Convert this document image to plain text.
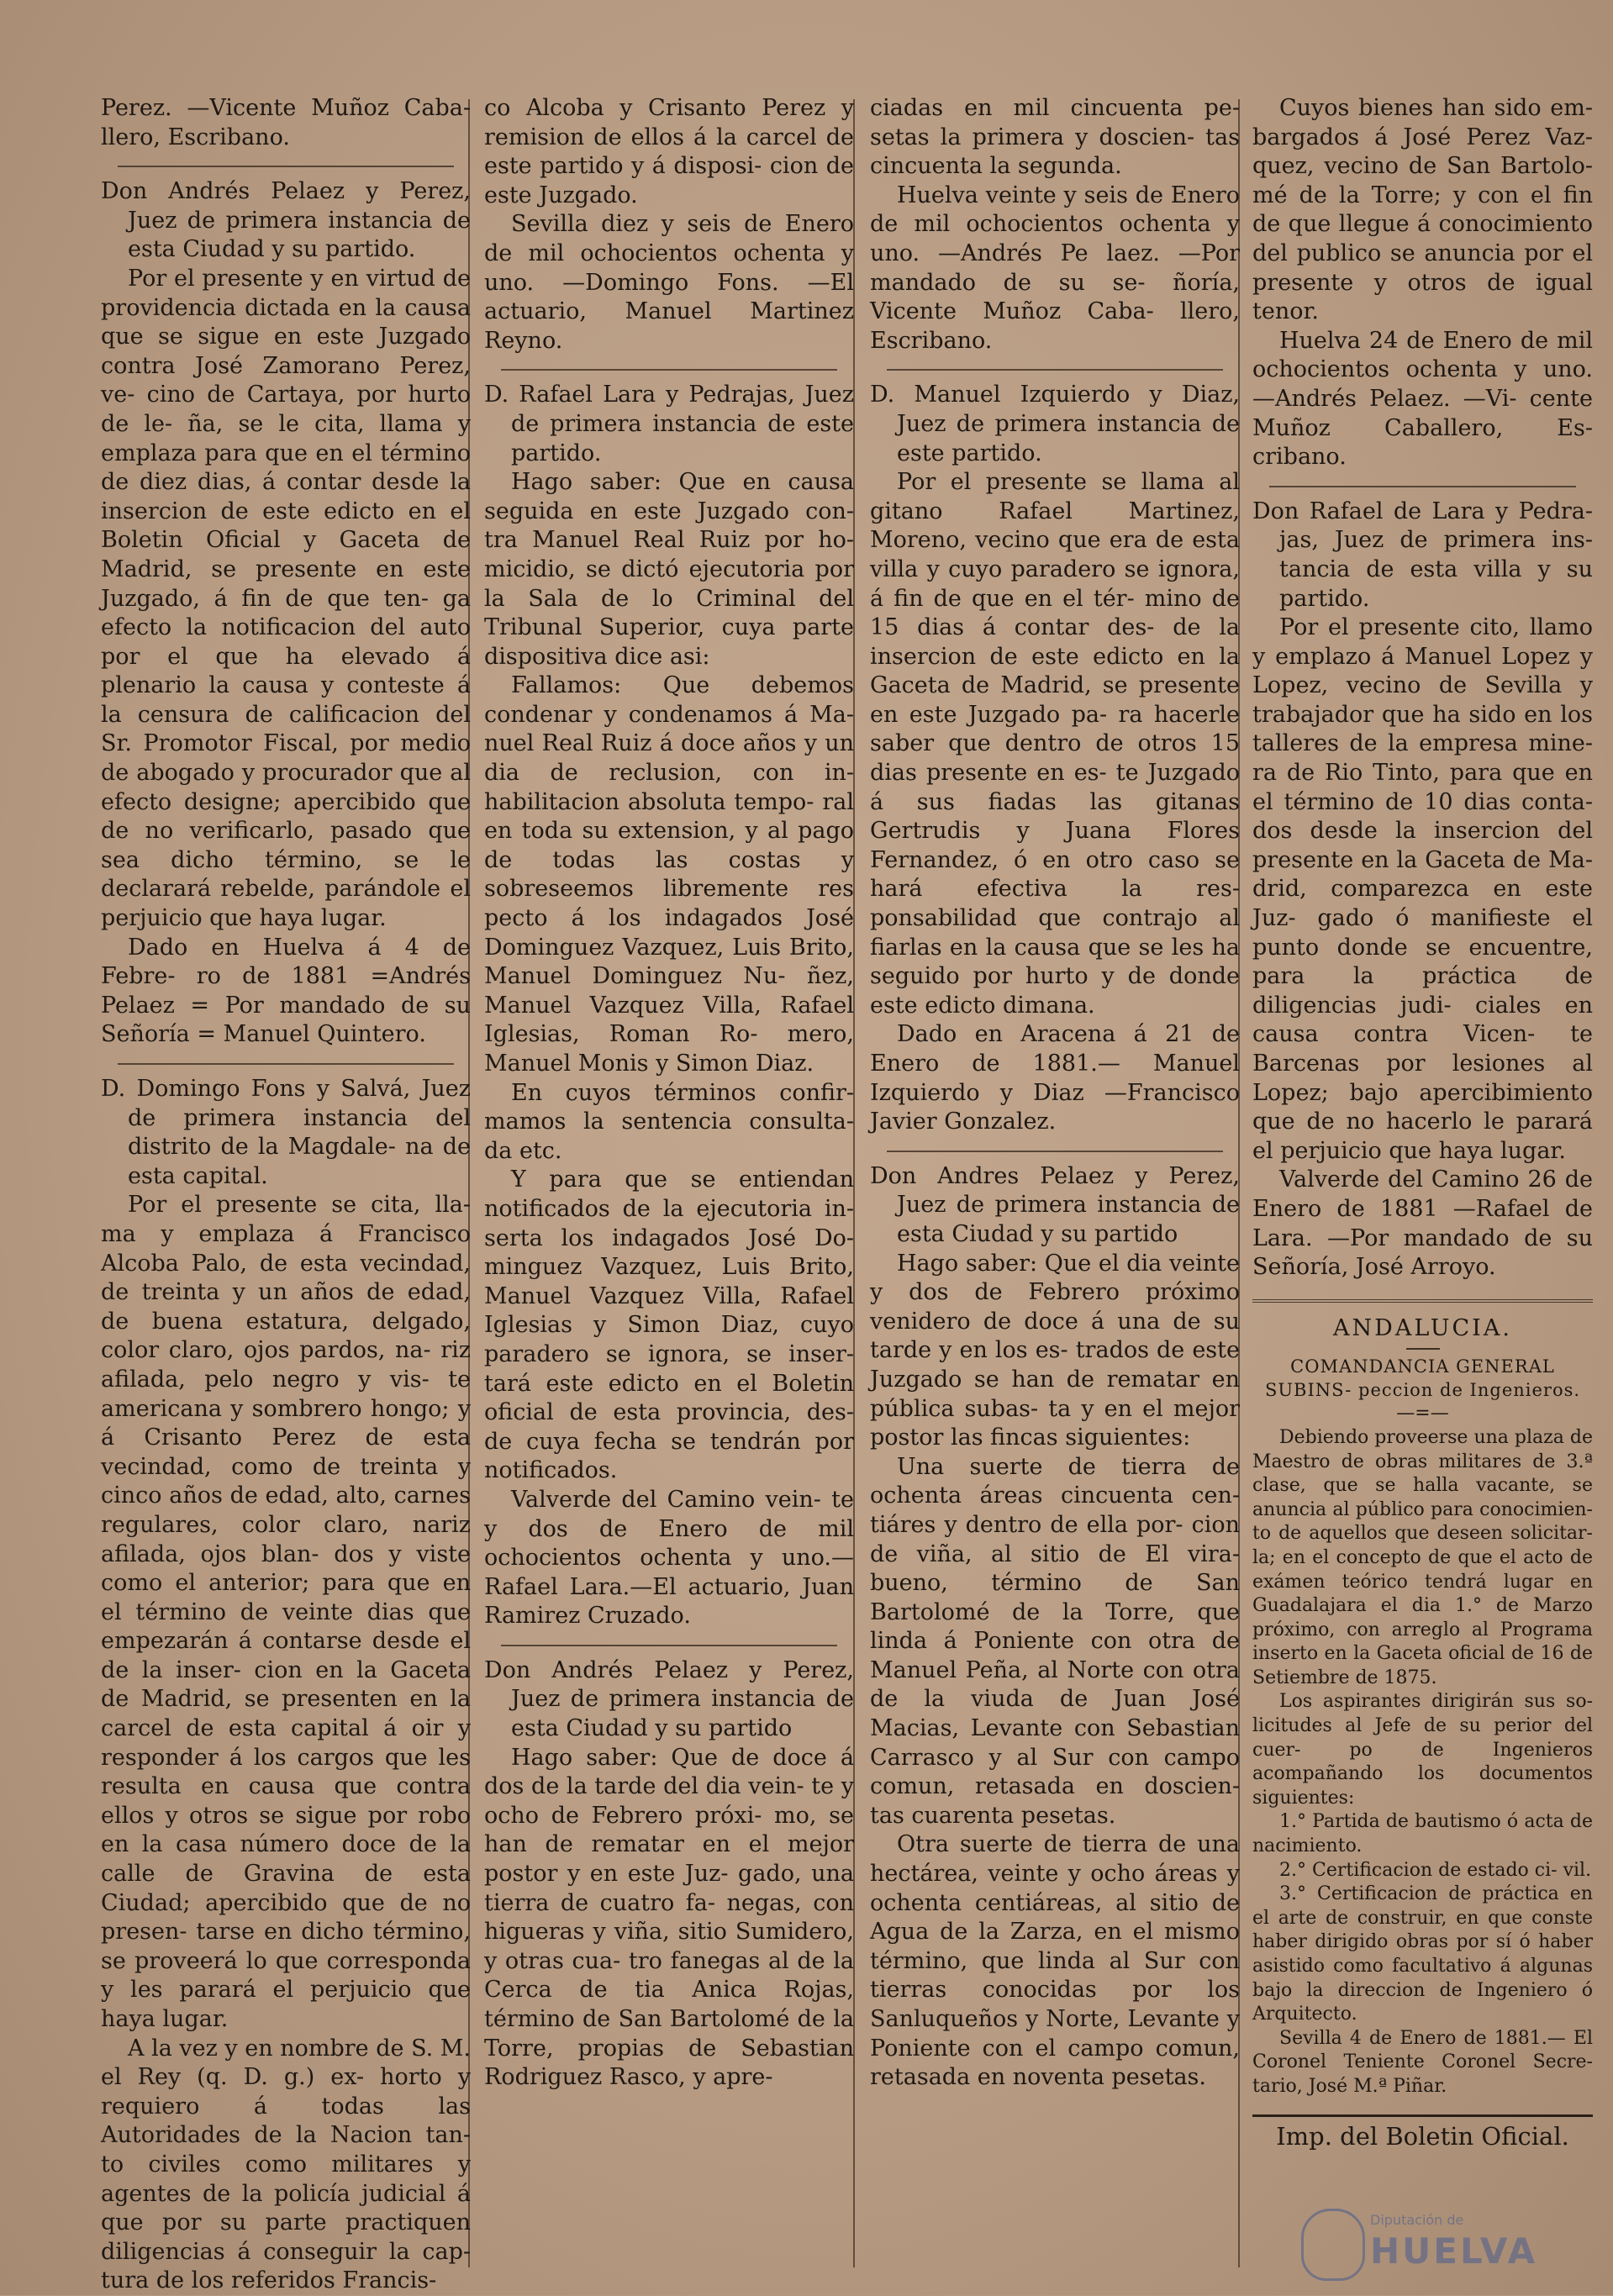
Perez. —Vicente Muñoz Caba- llero, Escribano.

Don Andrés Pelaez y Perez, Juez de primera instancia de esta Ciudad y su partido.

Por el presente y en virtud de providencia dictada en la causa que se sigue en este Juzgado contra José Zamorano Perez, ve- cino de Cartaya, por hurto de le- ña, se le cita, llama y emplaza para que en el término de diez dias, á contar desde la insercion de este edicto en el Boletin Oficial y Gaceta de Madrid, se presente en este Juzgado, á fin de que ten- ga efecto la notificacion del auto por el que ha elevado á plenario la causa y conteste á la censura de calificacion del Sr. Promotor Fiscal, por medio de abogado y procurador que al efecto designe; apercibido que de no verificarlo, pasado que sea dicho término, se le declarará rebelde, parándole el perjuicio que haya lugar.

Dado en Huelva á 4 de Febre- ro de 1881 =Andrés Pelaez = Por mandado de su Señoría = Manuel Quintero.

D. Domingo Fons y Salvá, Juez de primera instancia del distrito de la Magdale- na de esta capital.

Por el presente se cita, lla- ma y emplaza á Francisco Alcoba Palo, de esta vecindad, de treinta y un años de edad, de buena estatura, delgado, color claro, ojos pardos, na- riz afilada, pelo negro y vis- te americana y sombrero hongo; y á Crisanto Perez de esta vecindad, como de treinta y cinco años de edad, alto, carnes regulares, color claro, nariz afilada, ojos blan- dos y viste como el anterior; para que en el término de veinte dias que empezarán á contarse desde el de la inser- cion en la Gaceta de Madrid, se presenten en la carcel de esta capital á oir y responder á los cargos que les resulta en causa que contra ellos y otros se sigue por robo en la casa número doce de la calle de Gravina de esta Ciudad; apercibido que de no presen- tarse en dicho término, se proveerá lo que corresponda y les parará el perjuicio que haya lugar.

A la vez y en nombre de S. M. el Rey (q. D. g.) ex- horto y requiero á todas las Autoridades de la Nacion tan- to civiles como militares y agentes de la policía judicial á que por su parte practiquen diligencias á conseguir la cap- tura de los referidos Francis-

co Alcoba y Crisanto Perez y remision de ellos á la carcel de este partido y á disposi- cion de este Juzgado.

Sevilla diez y seis de Enero de mil ochocientos ochenta y uno. —Domingo Fons. —El actuario, Manuel Martinez Reyno.

D. Rafael Lara y Pedrajas, Juez de primera instancia de este partido.

Hago saber: Que en causa seguida en este Juzgado con- tra Manuel Real Ruiz por ho- micidio, se dictó ejecutoria por la Sala de lo Criminal del Tribunal Superior, cuya parte dispositiva dice asi:

Fallamos: Que debemos condenar y condenamos á Ma- nuel Real Ruiz á doce años y un dia de reclusion, con in- habilitacion absoluta tempo- ral en toda su extension, y al pago de todas las costas y sobreseemos libremente res pecto á los indagados José Dominguez Vazquez, Luis Brito, Manuel Dominguez Nu- ñez, Manuel Vazquez Villa, Rafael Iglesias, Roman Ro- mero, Manuel Monis y Simon Diaz.

En cuyos términos confir- mamos la sentencia consulta- da etc.

Y para que se entiendan notificados de la ejecutoria in- serta los indagados José Do- minguez Vazquez, Luis Brito, Manuel Vazquez Villa, Rafael Iglesias y Simon Diaz, cuyo paradero se ignora, se inser- tará este edicto en el Boletin oficial de esta provincia, des- de cuya fecha se tendrán por notificados.

Valverde del Camino vein- te y dos de Enero de mil ochocientos ochenta y uno.— Rafael Lara.—El actuario, Juan Ramirez Cruzado.

Don Andrés Pelaez y Perez, Juez de primera instancia de esta Ciudad y su partido

Hago saber: Que de doce á dos de la tarde del dia vein- te y ocho de Febrero próxi- mo, se han de rematar en el mejor postor y en este Juz- gado, una tierra de cuatro fa- negas, con higueras y viña, sitio Sumidero, y otras cua- tro fanegas al de la Cerca de tia Anica Rojas, término de San Bartolomé de la Torre, propias de Sebastian Rodriguez Rasco, y apre-

ciadas en mil cincuenta pe- setas la primera y doscien- tas cincuenta la segunda.

Huelva veinte y seis de Enero de mil ochocientos ochenta y uno. —Andrés Pe laez. —Por mandado de su se- ñoría, Vicente Muñoz Caba- llero, Escribano.

D. Manuel Izquierdo y Diaz, Juez de primera instancia de este partido.

Por el presente se llama al gitano Rafael Martinez, Moreno, vecino que era de esta villa y cuyo paradero se ignora, á fin de que en el tér- mino de 15 dias á contar des- de la insercion de este edicto en la Gaceta de Madrid, se presente en este Juzgado pa- ra hacerle saber que dentro de otros 15 dias presente en es- te Juzgado á sus fiadas las gitanas Gertrudis y Juana Flores Fernandez, ó en otro caso se hará efectiva la res- ponsabilidad que contrajo al fiarlas en la causa que se les ha seguido por hurto y de donde este edicto dimana.

Dado en Aracena á 21 de Enero de 1881.— Manuel Izquierdo y Diaz —Francisco Javier Gonzalez.

Don Andres Pelaez y Perez, Juez de primera instancia de esta Ciudad y su partido

Hago saber: Que el dia veinte y dos de Febrero próximo venidero de doce á una de su tarde y en los es- trados de este Juzgado se han de rematar en pública subas- ta y en el mejor postor las fincas siguientes:

Una suerte de tierra de ochenta áreas cincuenta cen- tiáres y dentro de ella por- cion de viña, al sitio de El vira-bueno, término de San Bartolomé de la Torre, que linda á Poniente con otra de Manuel Peña, al Norte con otra de la viuda de Juan José Macias, Levante con Sebastian Carrasco y al Sur con campo comun, retasada en doscien- tas cuarenta pesetas.

Otra suerte de tierra de una hectárea, veinte y ocho áreas y ochenta centiáreas, al sitio de Agua de la Zarza, en el mismo término, que linda al Sur con tierras conocidas por los Sanluqueños y Norte, Levante y Poniente con el campo comun, retasada en noventa pesetas.

Cuyos bienes han sido em- bargados á José Perez Vaz- quez, vecino de San Bartolo- mé de la Torre; y con el fin de que llegue á conocimiento del publico se anuncia por el presente y otros de igual tenor.

Huelva 24 de Enero de mil ochocientos ochenta y uno. —Andrés Pelaez. —Vi- cente Muñoz Caballero, Es- cribano.

Don Rafael de Lara y Pedra- jas, Juez de primera ins- tancia de esta villa y su partido.

Por el presente cito, llamo y emplazo á Manuel Lopez y Lopez, vecino de Sevilla y trabajador que ha sido en los talleres de la empresa mine- ra de Rio Tinto, para que en el término de 10 dias conta- dos desde la insercion del presente en la Gaceta de Ma- drid, comparezca en este Juz- gado ó manifieste el punto donde se encuentre, para la práctica de diligencias judi- ciales en causa contra Vicen- te Barcenas por lesiones al Lopez; bajo apercibimiento que de no hacerlo le parará el perjuicio que haya lugar.

Valverde del Camino 26 de Enero de 1881 —Rafael de Lara. —Por mandado de su Señoría, José Arroyo.

ANDALUCIA.

COMANDANCIA GENERAL SUBINS- peccion de Ingenieros.

—=—

Debiendo proveerse una plaza de Maestro de obras militares de 3.ª clase, que se halla vacante, se anuncia al público para conocimien- to de aquellos que deseen solicitar- la; en el concepto de que el acto de exámen teórico tendrá lugar en Guadalajara el dia 1.° de Marzo próximo, con arreglo al Programa inserto en la Gaceta oficial de 16 de Setiembre de 1875.

Los aspirantes dirigirán sus so- licitudes al Jefe de su perior del cuer- po de Ingenieros acompañando los documentos siguientes:

1.° Partida de bautismo ó acta de nacimiento.

2.° Certificacion de estado ci- vil.

3.° Certificacion de práctica en el arte de construir, en que conste haber dirigido obras por sí ó haber asistido como facultativo á algunas bajo la direccion de Ingeniero ó Arquitecto.

Sevilla 4 de Enero de 1881.— El Coronel Teniente Coronel Secre- tario, José M.ª Piñar.

Imp. del Boletin Oficial.

Diputación de
HUELVA
